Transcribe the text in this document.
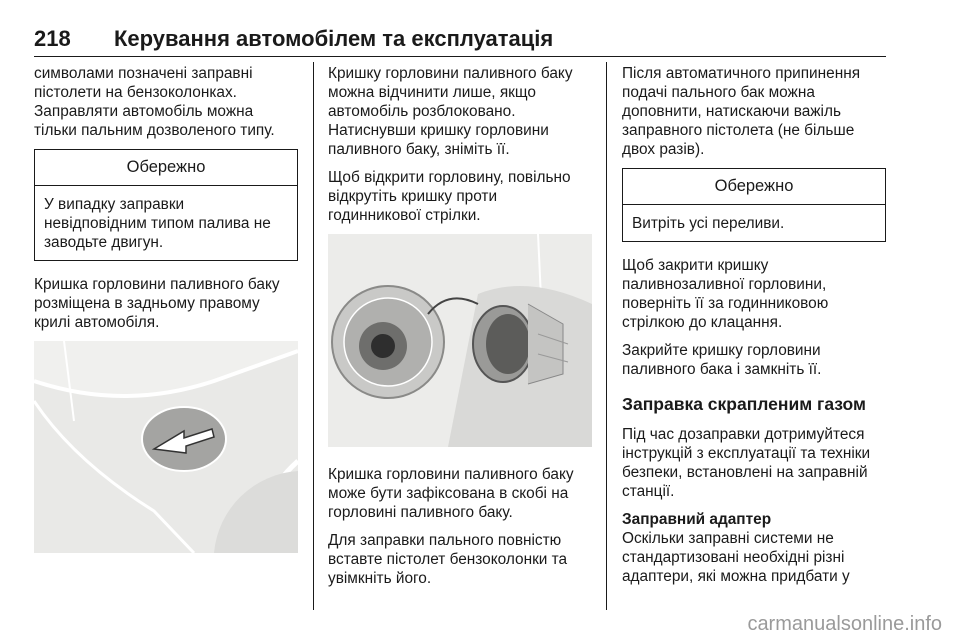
218	Керування автомобілем та експлуатація

символами позначені заправні пістолети на бензоколонках. Заправляти автомобіль можна тільки пальним дозволеного типу.

Обережно
У випадку заправки невідповідним типом палива не заводьте двигун.

Кришка горловини паливного баку розміщена в задньому правому крилі автомобіля.

Кришку горловини паливного баку можна відчинити лише, якщо автомобіль розблоковано. Натиснувши кришку горловини паливного баку, зніміть її.

Щоб відкрити горловину, повільно відкрутіть кришку проти годинникової стрілки.

Кришка горловини паливного баку може бути зафіксована в скобі на горловині паливного баку.

Для заправки пального повністю вставте пістолет бензоколонки та увімкніть його.

Після автоматичного припинення подачі пального бак можна доповнити, натискаючи важіль заправного пістолета (не більше двох разів).

Обережно
Витріть усі переливи.

Щоб закрити кришку паливнозаливної горловини, поверніть її за годинниковою стрілкою до клацання.

Закрийте кришку горловини паливного бака і замкніть її.

Заправка скрапленим газом

Під час дозаправки дотримуйтеся інструкцій з експлуатації та техніки безпеки, встановлені на заправній станції.

Заправний адаптер

Оскільки заправні системи не стандартизовані необхідні різні адаптери, які можна придбати у

carmanualsonline.info
